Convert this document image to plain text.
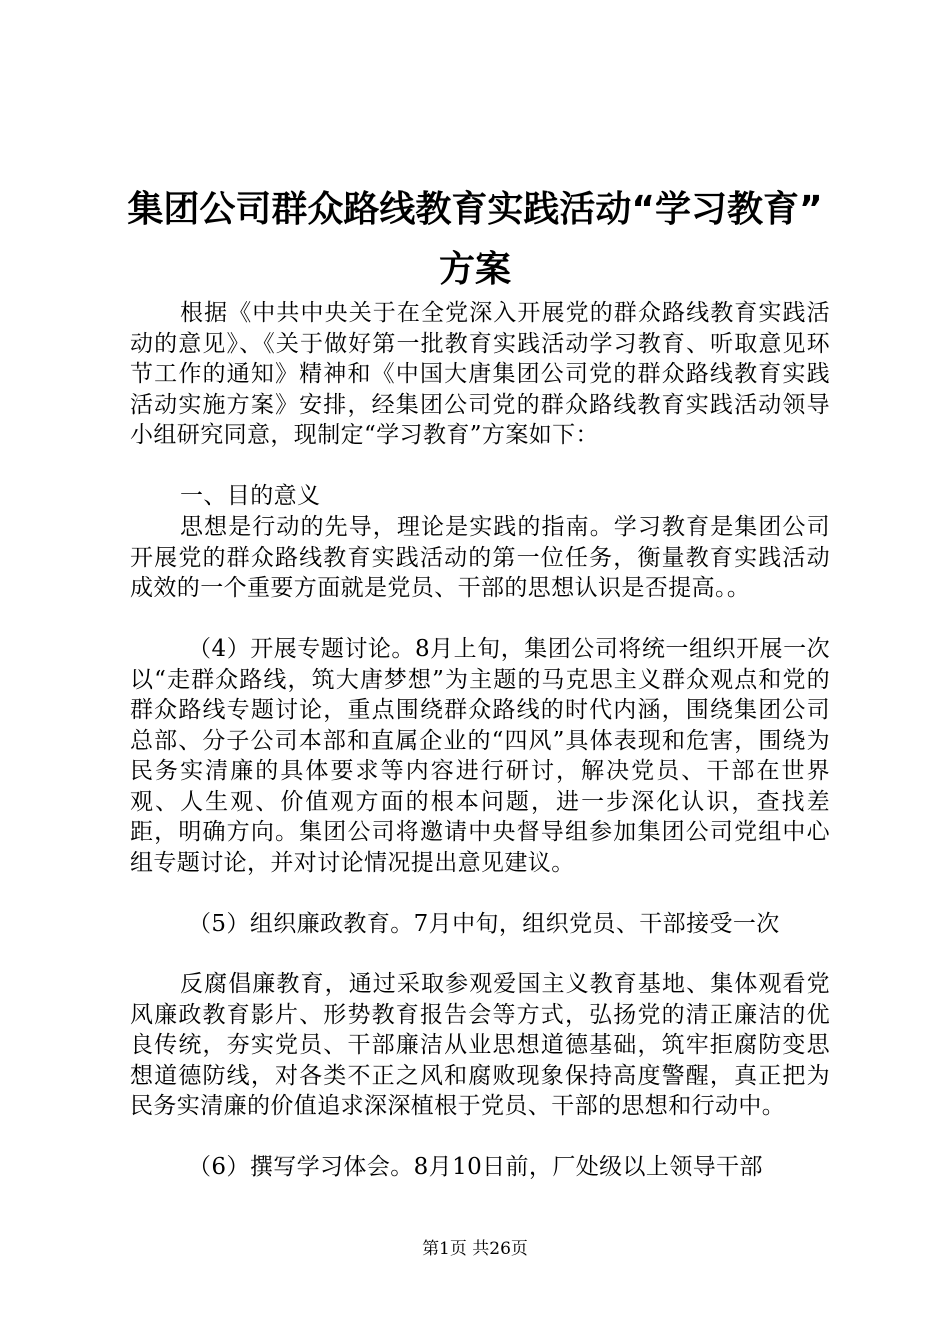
集团公司群众路线教育实践活动“学习教育”
方案
根据《中共中央关于在全党深入开展党的群众路线教育实践活动的意见》、《关于做好第一批教育实践活动学习教育、听取意见环节工作的通知》精神和《中国大唐集团公司党的群众路线教育实践活动实施方案》安排，经集团公司党的群众路线教育实践活动领导小组研究同意，现制定“学习教育”方案如下：
一、目的意义
思想是行动的先导，理论是实践的指南。学习教育是集团公司开展党的群众路线教育实践活动的第一位任务，衡量教育实践活动成效的一个重要方面就是党员、干部的思想认识是否提高。。
（4）开展专题讨论。8月上旬，集团公司将统一组织开展一次以“走群众路线，筑大唐梦想”为主题的马克思主义群众观点和党的群众路线专题讨论，重点围绕群众路线的时代内涵，围绕集团公司总部、分子公司本部和直属企业的“四风”具体表现和危害，围绕为民务实清廉的具体要求等内容进行研讨，解决党员、干部在世界观、人生观、价值观方面的根本问题，进一步深化认识，查找差距，明确方向。集团公司将邀请中央督导组参加集团公司党组中心组专题讨论，并对讨论情况提出意见建议。
（5）组织廉政教育。7月中旬，组织党员、干部接受一次
反腐倡廉教育，通过采取参观爱国主义教育基地、集体观看党风廉政教育影片、形势教育报告会等方式，弘扬党的清正廉洁的优良传统，夯实党员、干部廉洁从业思想道德基础，筑牢拒腐防变思想道德防线，对各类不正之风和腐败现象保持高度警醒，真正把为民务实清廉的价值追求深深植根于党员、干部的思想和行动中。
（6）撰写学习体会。8月10日前，厂处级以上领导干部
第1页 共26页
